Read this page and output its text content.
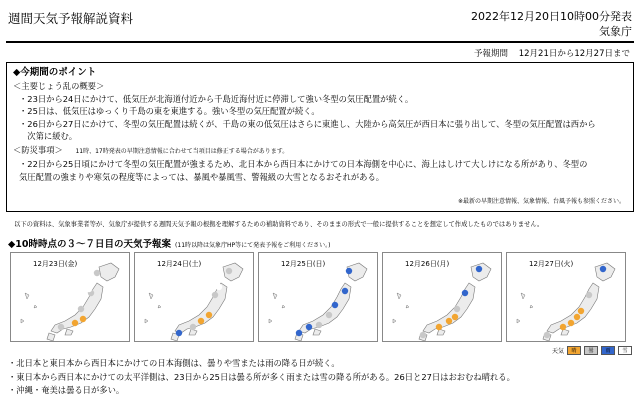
週間天気予報解説資料	2022年12月20日10時00分発表
気象庁
予報期間 12月21日から12月27日まで
◆今期間のポイント
＜主要じょう乱の概要＞
・23日から24日にかけて、低気圧が北海道付近から千島近海付近に停滞して強い冬型の気圧配置が続く。
・25日は、低気圧はゆっくり千島の東を東進する。強い冬型の気圧配置が続く。
・26日から27日にかけて、冬型の気圧配置は続くが、千島の東の低気圧はさらに東進し、大陸から高気圧が西日本に張り出して、冬型の気圧配置は西から
　次第に緩む。
＜防災事項＞ 11時、17時発表の早期注意情報に合わせて当項目は修正する場合があります。
・22日から25日頃にかけて冬型の気圧配置が強まるため、北日本から西日本にかけての日本海側を中心に、海上はしけて大しけになる所があり、冬型の
気圧配置の強まりや寒気の程度等によっては、暴風や暴風雪、警報級の大雪となるおそれがある。
※最新の早期注意情報、気象情報、台風予報も参照ください。
以下の資料は、気象事業者等が、気象庁が提供する週間天気予報の根拠を理解するための補助資料であり、そのままの形式で一般に提供することを想定して作成したものではありません。
◆10時時点の３～７日目の天気予報案 (11時以降は気象庁HP等にて発表予報をご利用ください。)
12月23日(金)	12月24日(土)	12月25日(日)	12月26日(月)	12月27日(火)
天気	晴	曇	雨	雪
・北日本と東日本から西日本にかけての日本海側は、曇りや雪または雨の降る日が続く。
・東日本から西日本にかけての太平洋側は、23日から25日は曇る所が多く雨または雪の降る所がある。26日と27日はおおむね晴れる。
・沖縄・奄美は曇る日が多い。
